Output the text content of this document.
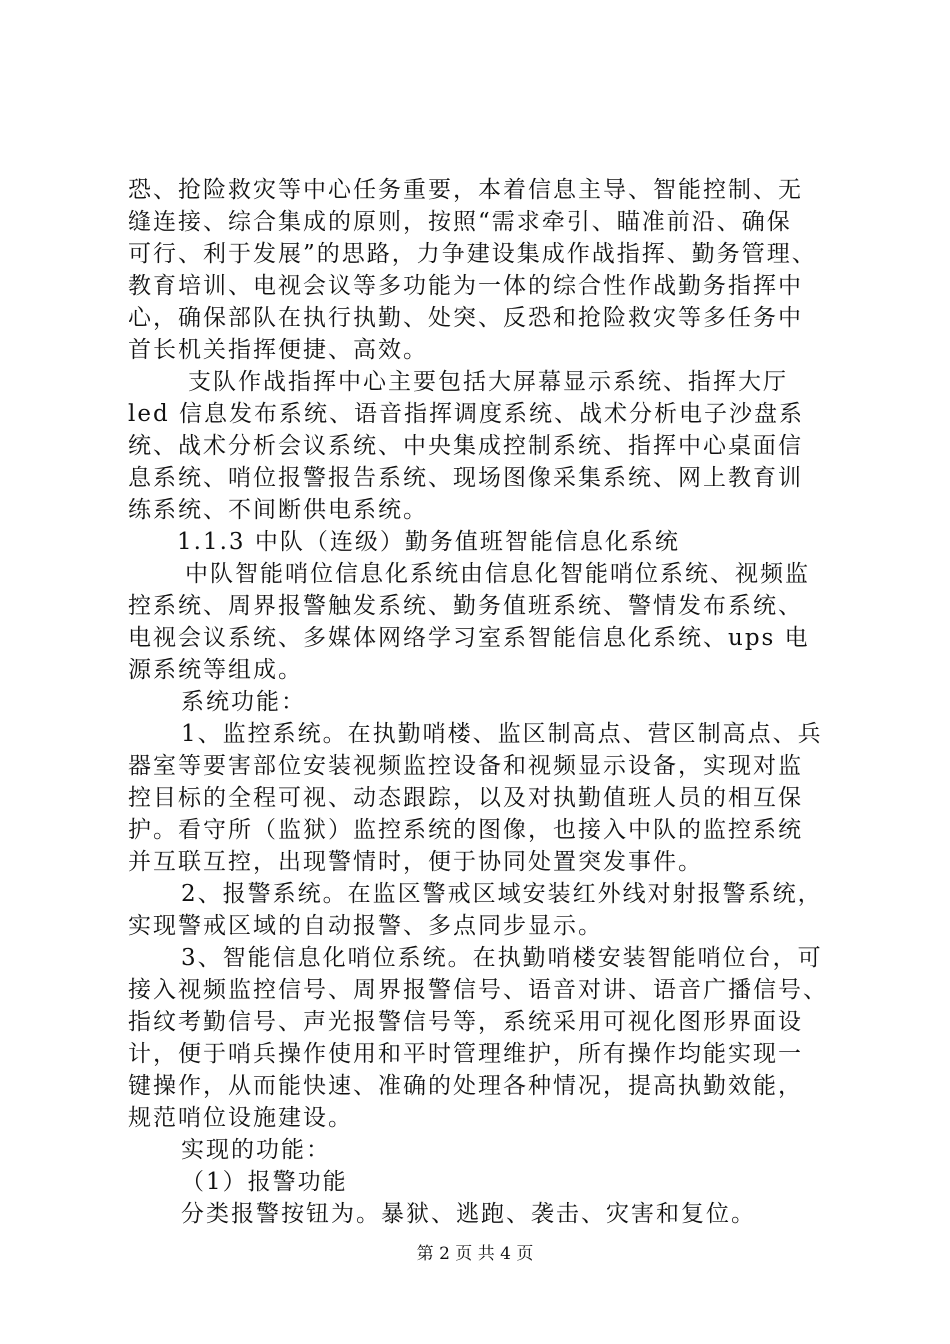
恐、抢险救灾等中心任务重要，本着信息主导、智能控制、无
缝连接、综合集成的原则，按照“需求牵引、瞄准前沿、确保
可行、利于发展”的思路，力争建设集成作战指挥、勤务管理、
教育培训、电视会议等多功能为一体的综合性作战勤务指挥中
心，确保部队在执行执勤、处突、反恐和抢险救灾等多任务中
首长机关指挥便捷、高效。
支队作战指挥中心主要包括大屏幕显示系统、指挥大厅
led 信息发布系统、语音指挥调度系统、战术分析电子沙盘系
统、战术分析会议系统、中央集成控制系统、指挥中心桌面信
息系统、哨位报警报告系统、现场图像采集系统、网上教育训
练系统、不间断供电系统。
1.1.3 中队（连级）勤务值班智能信息化系统
中队智能哨位信息化系统由信息化智能哨位系统、视频监
控系统、周界报警触发系统、勤务值班系统、警情发布系统、
电视会议系统、多媒体网络学习室系智能信息化系统、ups 电
源系统等组成。
系统功能：
1、监控系统。在执勤哨楼、监区制高点、营区制高点、兵
器室等要害部位安装视频监控设备和视频显示设备，实现对监
控目标的全程可视、动态跟踪，以及对执勤值班人员的相互保
护。看守所（监狱）监控系统的图像，也接入中队的监控系统
并互联互控，出现警情时，便于协同处置突发事件。
2、报警系统。在监区警戒区域安装红外线对射报警系统，
实现警戒区域的自动报警、多点同步显示。
3、智能信息化哨位系统。在执勤哨楼安装智能哨位台，可
接入视频监控信号、周界报警信号、语音对讲、语音广播信号、
指纹考勤信号、声光报警信号等，系统采用可视化图形界面设
计，便于哨兵操作使用和平时管理维护，所有操作均能实现一
键操作，从而能快速、准确的处理各种情况，提高执勤效能，
规范哨位设施建设。
实现的功能：
（1）报警功能
分类报警按钮为。暴狱、逃跑、袭击、灾害和复位。
第 2 页 共 4 页
